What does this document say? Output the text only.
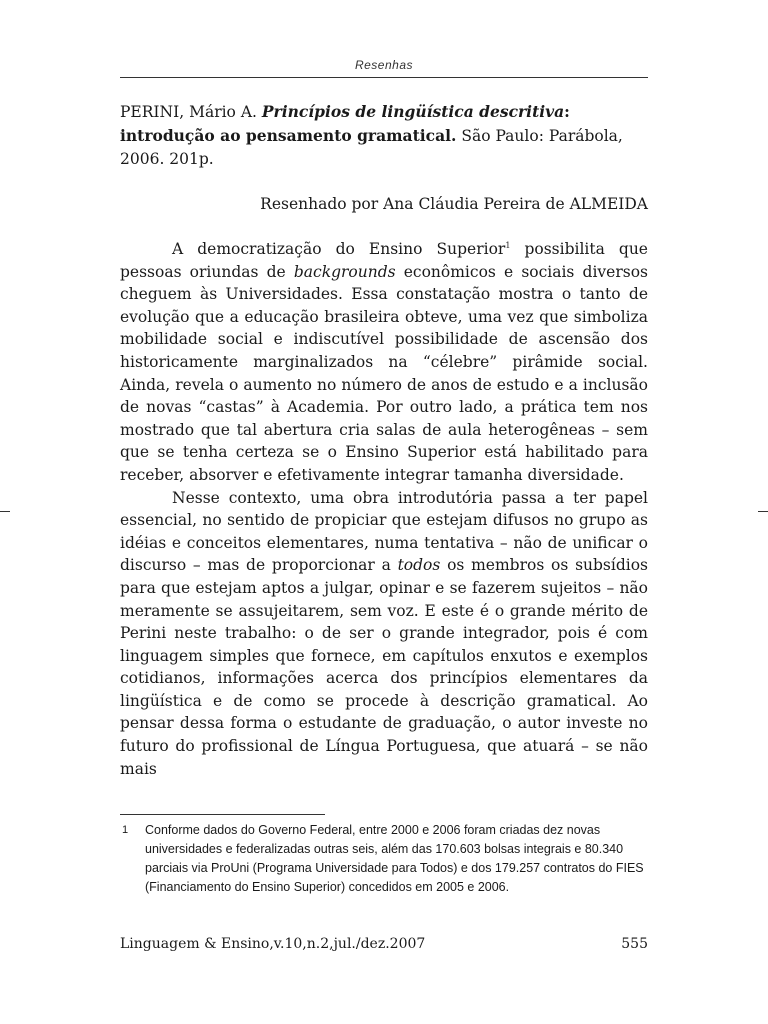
Resenhas
PERINI, Mário A. Princípios de lingüística descritiva: introdução ao pensamento gramatical. São Paulo: Parábola, 2006. 201p.
Resenhado por Ana Cláudia Pereira de ALMEIDA

A democratização do Ensino Superior$^1$ possibilita que pessoas oriundas de backgrounds econômicos e sociais diversos cheguem às Universidades. Essa constatação mostra o tanto de evolução que a educação brasileira obteve, uma vez que simboliza mobilidade social e indiscutível possibilidade de ascensão dos historicamente marginalizados na “célebre” pirâmide social. Ainda, revela o aumento no número de anos de estudo e a inclusão de novas “castas” à Academia. Por outro lado, a prática tem nos mostrado que tal abertura cria salas de aula heterogêneas – sem que se tenha certeza se o Ensino Superior está habilitado para receber, absorver e efetivamente integrar tamanha diversidade.

Nesse contexto, uma obra introdutória passa a ter papel essencial, no sentido de propiciar que estejam difusos no grupo as idéias e conceitos elementares, numa tentativa – não de unificar o discurso – mas de proporcionar a todos os membros os subsídios para que estejam aptos a julgar, opinar e se fazerem sujeitos – não meramente se assujeitarem, sem voz. E este é o grande mérito de Perini neste trabalho: o de ser o grande integrador, pois é com linguagem simples que fornece, em capítulos enxutos e exemplos cotidianos, informações acerca dos princípios elementares da lingüística e de como se procede à descrição gramatical. Ao pensar dessa forma o estudante de graduação, o autor investe no futuro do profissional de Língua Portuguesa, que atuará – se não mais

1 Conforme dados do Governo Federal, entre 2000 e 2006 foram criadas dez novas universidades e federalizadas outras seis, além das 170.603 bolsas integrais e 80.340 parciais via ProUni (Programa Universidade para Todos) e dos 179.257 contratos do FIES (Financiamento do Ensino Superior) concedidos em 2005 e 2006.
Linguagem & Ensino,v.10,n.2,jul./dez.2007	555
